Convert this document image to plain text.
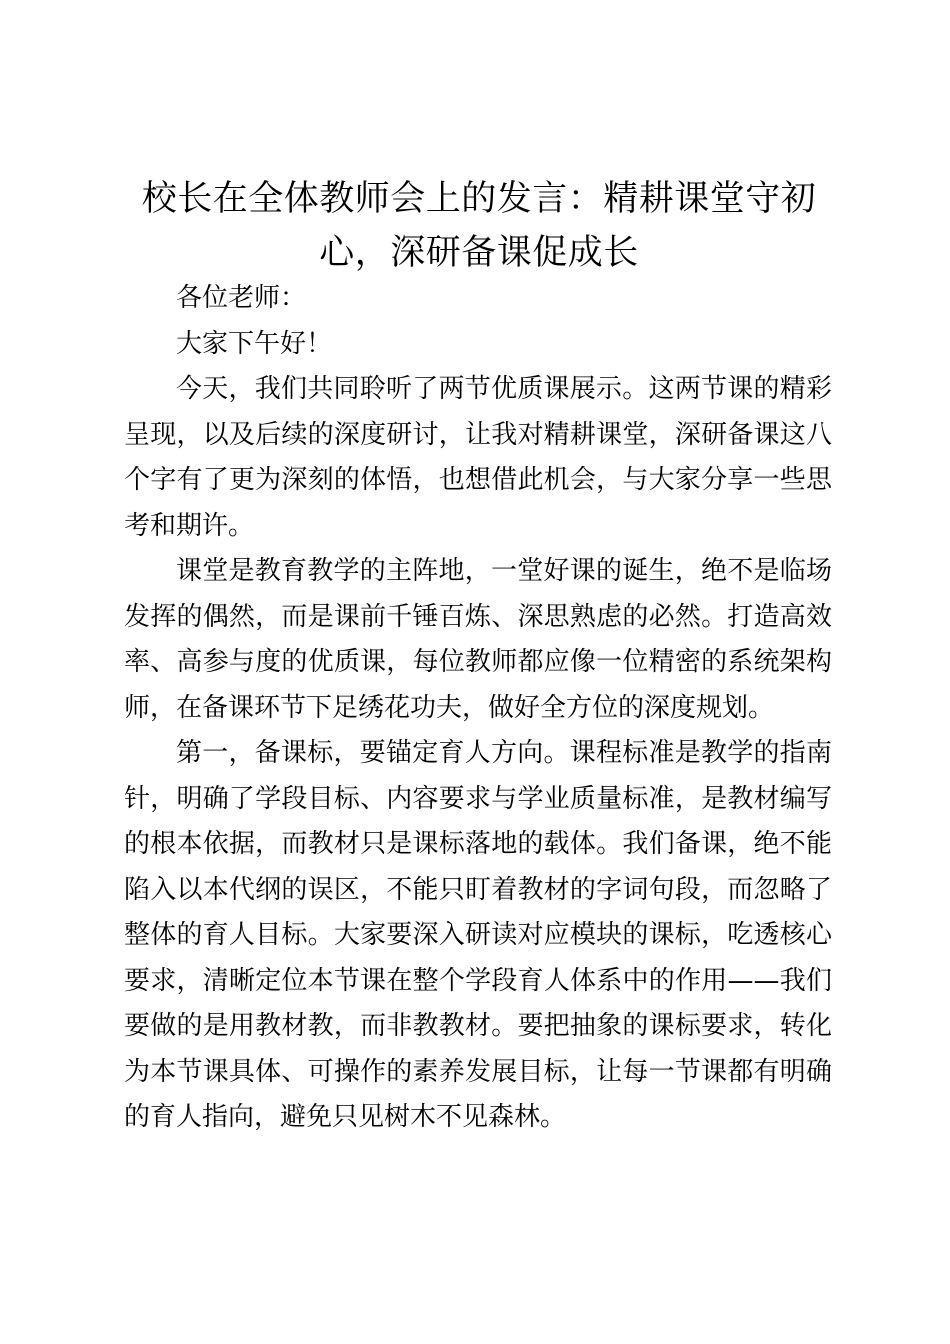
校长在全体教师会上的发言：精耕课堂守初心，深研备课促成长

各位老师：

大家下午好！

今天，我们共同聆听了两节优质课展示。这两节课的精彩呈现，以及后续的深度研讨，让我对精耕课堂，深研备课这八个字有了更为深刻的体悟，也想借此机会，与大家分享一些思考和期许。

课堂是教育教学的主阵地，一堂好课的诞生，绝不是临场发挥的偶然，而是课前千锤百炼、深思熟虑的必然。打造高效率、高参与度的优质课，每位教师都应像一位精密的系统架构师，在备课环节下足绣花功夫，做好全方位的深度规划。

第一，备课标，要锚定育人方向。课程标准是教学的指南针，明确了学段目标、内容要求与学业质量标准，是教材编写的根本依据，而教材只是课标落地的载体。我们备课，绝不能陷入以本代纲的误区，不能只盯着教材的字词句段，而忽略了整体的育人目标。大家要深入研读对应模块的课标，吃透核心要求，清晰定位本节课在整个学段育人体系中的作用——我们要做的是用教材教，而非教教材。要把抽象的课标要求，转化为本节课具体、可操作的素养发展目标，让每一节课都有明确的育人指向，避免只见树木不见森林。
